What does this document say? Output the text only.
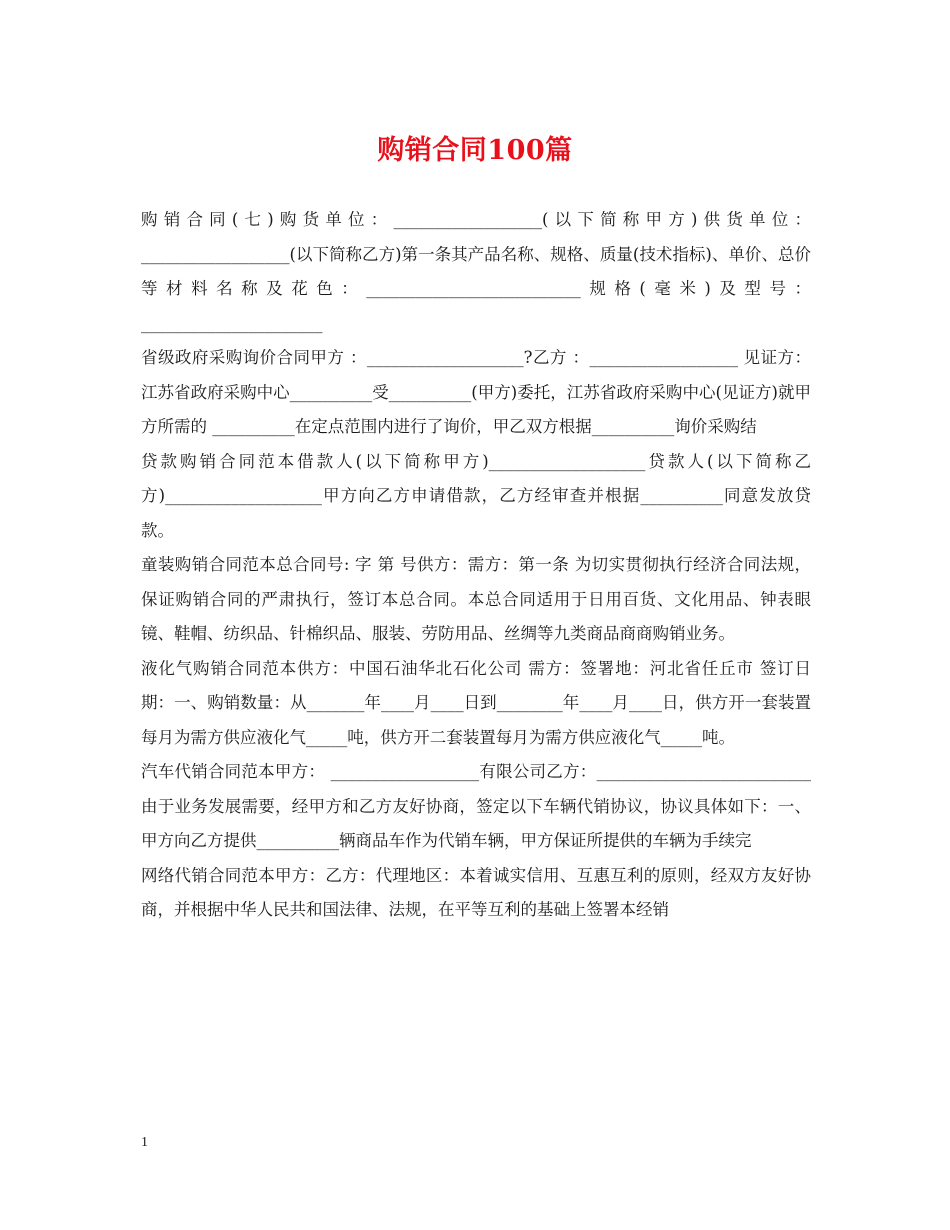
购销合同100篇

购销合同(七)购货单位：__________________(以下简称甲方)供货单位：__________________(以下简称乙方)第一条其产品名称、规格、质量(技术指标)、单价、总价等材料名称及花色：__________________________规格(毫米)及型号：______________________

省级政府采购询价合同甲方 ：___________________?乙方 ：__________________ 见证方：江苏省政府采购中心__________受__________(甲方)委托，江苏省政府采购中心(见证方)就甲方所需的 __________在定点范围内进行了询价，甲乙双方根据__________询价采购结

贷款购销合同范本借款人(以下简称甲方)___________________贷款人(以下简称乙方)___________________甲方向乙方申请借款，乙方经审查并根据__________同意发放贷款。

童装购销合同范本总合同号: 字 第 号供方：需方：第一条 为切实贯彻执行经济合同法规，保证购销合同的严肃执行，签订本总合同。本总合同适用于日用百货、文化用品、钟表眼镜、鞋帽、纺织品、针棉织品、服装、劳防用品、丝绸等九类商品商商购销业务。

液化气购销合同范本供方：中国石油华北石化公司 需方：签署地：河北省任丘市 签订日期：一、购销数量：从_______年____月____日到________年____月____日，供方开一套装置每月为需方供应液化气_____吨，供方开二套装置每月为需方供应液化气_____吨。

汽车代销合同范本甲方： __________________有限公司乙方：__________________________由于业务发展需要，经甲方和乙方友好协商，签定以下车辆代销协议，协议具体如下：一、甲方向乙方提供__________辆商品车作为代销车辆，甲方保证所提供的车辆为手续完

网络代销合同范本甲方：乙方：代理地区：本着诚实信用、互惠互利的原则，经双方友好协商，并根据中华人民共和国法律、法规，在平等互利的基础上签署本经销

1
